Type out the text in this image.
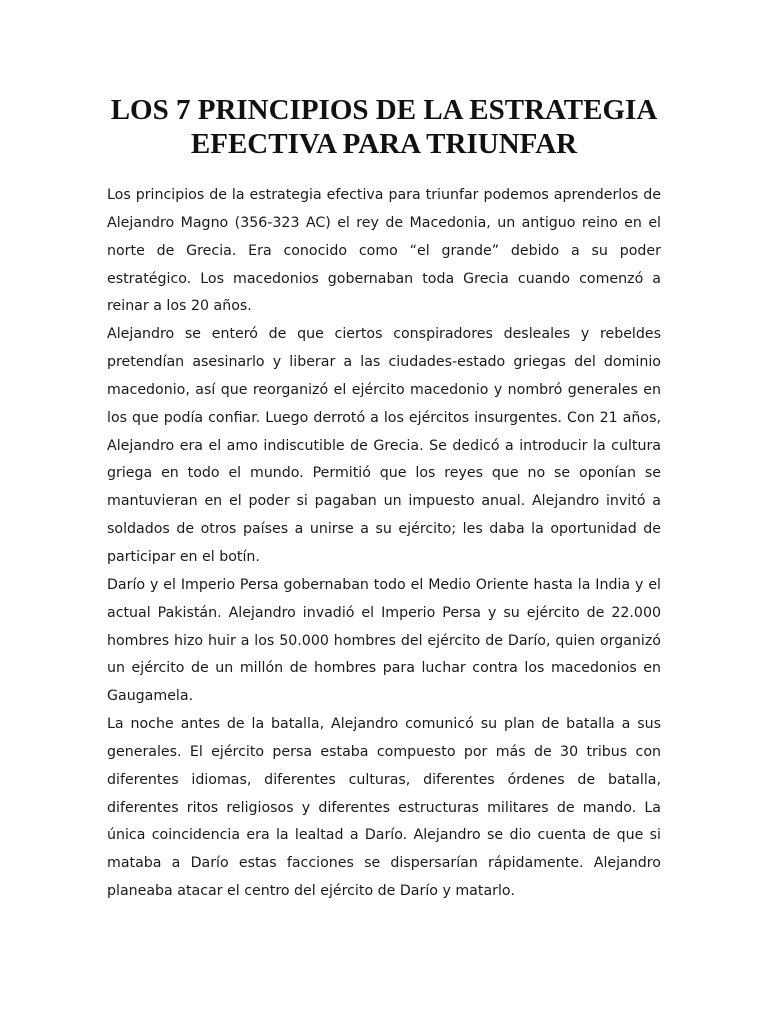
LOS 7 PRINCIPIOS DE LA ESTRATEGIA
EFECTIVA PARA TRIUNFAR

Los principios de la estrategia efectiva para triunfar podemos aprenderlos de Alejandro Magno (356-323 AC) el rey de Macedonia, un antiguo reino en el norte de Grecia. Era conocido como “el grande” debido a su poder estratégico. Los macedonios gobernaban toda Grecia cuando comenzó a reinar a los 20 años.

Alejandro se enteró de que ciertos conspiradores desleales y rebeldes pretendían asesinarlo y liberar a las ciudades-estado griegas del dominio macedonio, así que reorganizó el ejército macedonio y nombró generales en los que podía confiar. Luego derrotó a los ejércitos insurgentes. Con 21 años, Alejandro era el amo indiscutible de Grecia. Se dedicó a introducir la cultura griega en todo el mundo. Permitió que los reyes que no se oponían se mantuvieran en el poder si pagaban un impuesto anual. Alejandro invitó a soldados de otros países a unirse a su ejército; les daba la oportunidad de participar en el botín.

Darío y el Imperio Persa gobernaban todo el Medio Oriente hasta la India y el actual Pakistán. Alejandro invadió el Imperio Persa y su ejército de 22.000 hombres hizo huir a los 50.000 hombres del ejército de Darío, quien organizó un ejército de un millón de hombres para luchar contra los macedonios en Gaugamela.

La noche antes de la batalla, Alejandro comunicó su plan de batalla a sus generales. El ejército persa estaba compuesto por más de 30 tribus con diferentes idiomas, diferentes culturas, diferentes órdenes de batalla, diferentes ritos religiosos y diferentes estructuras militares de mando. La única coincidencia era la lealtad a Darío. Alejandro se dio cuenta de que si mataba a Darío estas facciones se dispersarían rápidamente. Alejandro planeaba atacar el centro del ejército de Darío y matarlo.
